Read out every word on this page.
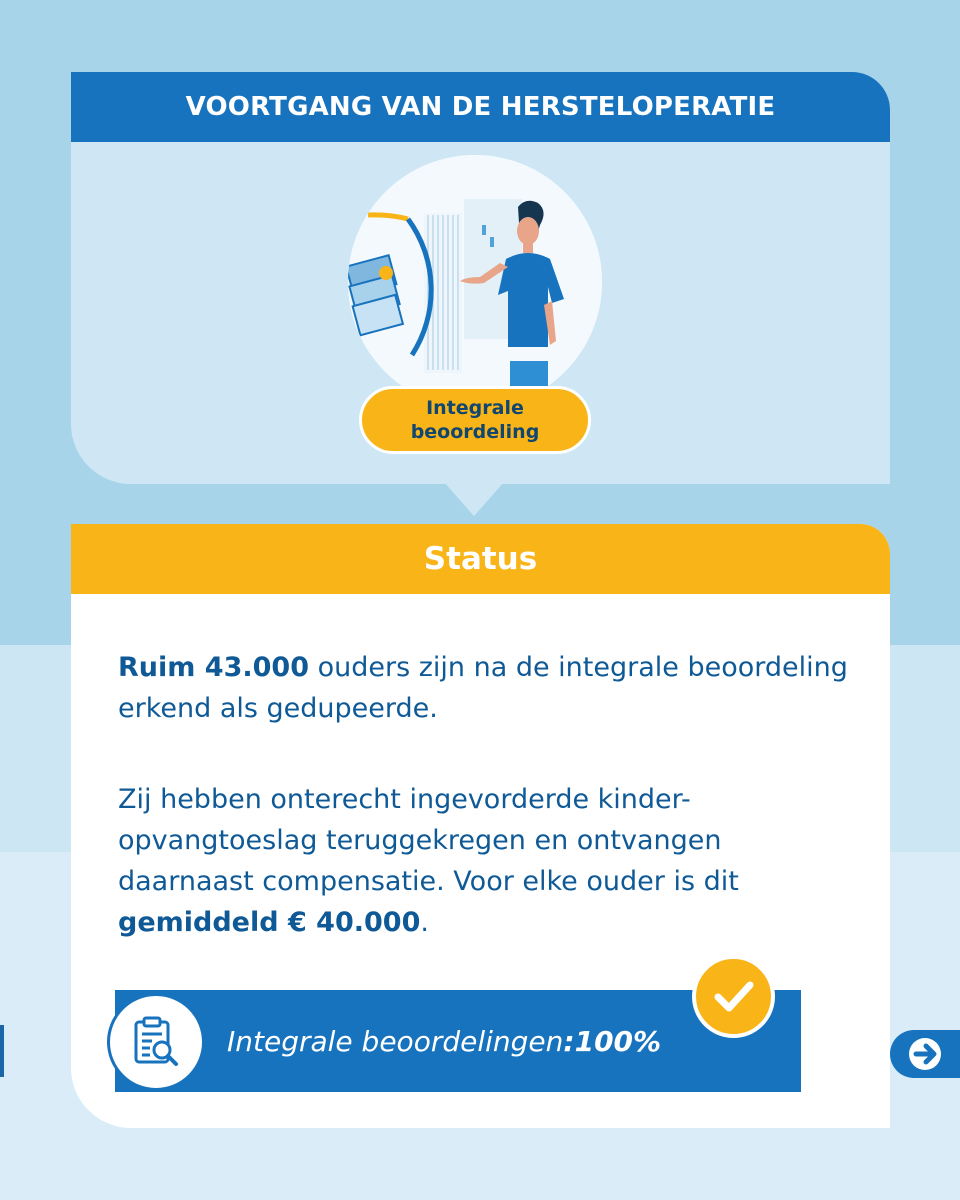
VOORTGANG VAN DE HERSTELOPERATIE
Integrale
beoordeling
Status

Ruim 43.000 ouders zijn na de integrale beoordeling erkend als gedupeerde.

Zij hebben onterecht ingevorderde kinder-opvangtoeslag teruggekregen en ontvangen daarnaast compensatie. Voor elke ouder is dit gemiddeld € 40.000.

Integrale beoordelingen : 100%
